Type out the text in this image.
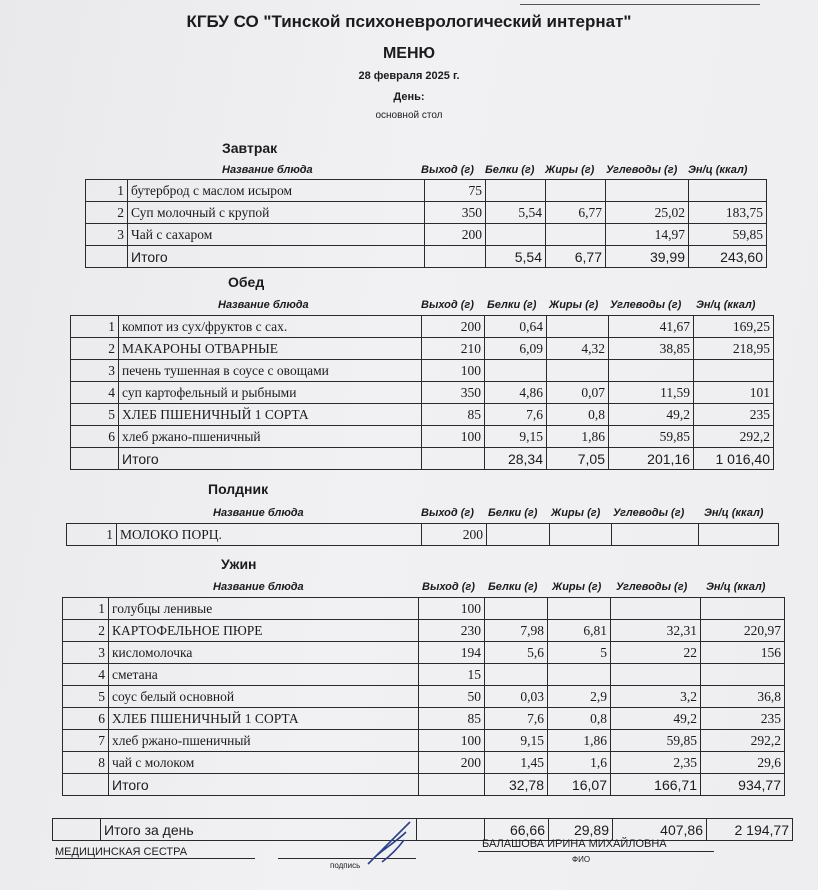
КГБУ СО "Тинской психоневрологический интернат"
МЕНЮ
28 февраля 2025 г.
День:
основной стол
Завтрак
Название блюда	Выход (г) Белки (г) Жиры (г) Углеводы (г) Эн/ц (ккал)
1	бутерброд с маслом исыром	75				
2	Суп молочный с крупой	350	5,54	6,77	25,02	183,75
3	Чай с сахаром	200			14,97	59,85
	Итого		5,54	6,77	39,99	243,60
Обед
Название блюда	Выход (г) Белки (г) Жиры (г) Углеводы (г) Эн/ц (ккал)
1	компот из сух/фруктов с сах.	200	0,64		41,67	169,25
2	МАКАРОНЫ ОТВАРНЫЕ	210	6,09	4,32	38,85	218,95
3	печень тушенная в соусе с овощами	100				
4	суп картофельный и рыбными	350	4,86	0,07	11,59	101
5	ХЛЕБ ПШЕНИЧНЫЙ 1 СОРТА	85	7,6	0,8	49,2	235
6	хлеб ржано-пшеничный	100	9,15	1,86	59,85	292,2
	Итого		28,34	7,05	201,16	1 016,40
Полдник
Название блюда	Выход (г) Белки (г) Жиры (г) Углеводы (г) Эн/ц (ккал)
1	МОЛОКО ПОРЦ.	200				
Ужин
Название блюда	Выход (г) Белки (г) Жиры (г) Углеводы (г) Эн/ц (ккал)
1	голубцы ленивые	100				
2	КАРТОФЕЛЬНОЕ ПЮРЕ	230	7,98	6,81	32,31	220,97
3	кисломолочка	194	5,6	5	22	156
4	сметана	15				
5	соус белый основной	50	0,03	2,9	3,2	36,8
6	ХЛЕБ ПШЕНИЧНЫЙ 1 СОРТА	85	7,6	0,8	49,2	235
7	хлеб ржано-пшеничный	100	9,15	1,86	59,85	292,2
8	чай с молоком	200	1,45	1,6	2,35	29,6
	Итого		32,78	16,07	166,71	934,77
	Итого за день		66,66	29,89	407,86	2 194,77
МЕДИЦИНСКАЯ СЕСТРА
подпись
БАЛАШОВА ИРИНА МИХАЙЛОВНА
ФИО
